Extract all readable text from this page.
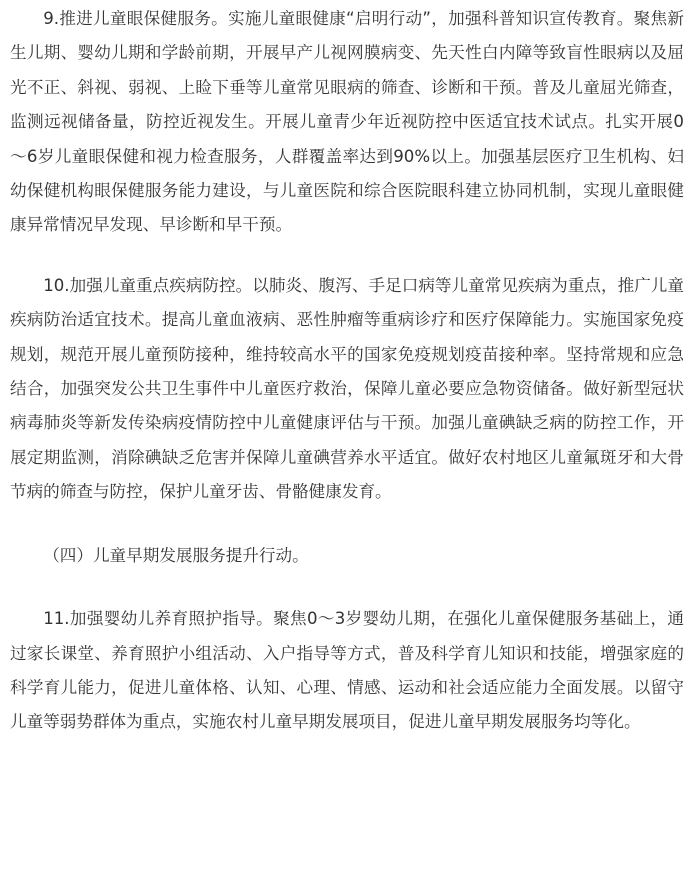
9.推进儿童眼保健服务。实施儿童眼健康“启明行动”，加强科普知识宣传教育。聚焦新生儿期、婴幼儿期和学龄前期，开展早产儿视网膜病变、先天性白内障等致盲性眼病以及屈光不正、斜视、弱视、上睑下垂等儿童常见眼病的筛查、诊断和干预。普及儿童屈光筛查，监测远视储备量，防控近视发生。开展儿童青少年近视防控中医适宜技术试点。扎实开展0～6岁儿童眼保健和视力检查服务，人群覆盖率达到90%以上。加强基层医疗卫生机构、妇幼保健机构眼保健服务能力建设，与儿童医院和综合医院眼科建立协同机制，实现儿童眼健康异常情况早发现、早诊断和早干预。

10.加强儿童重点疾病防控。以肺炎、腹泻、手足口病等儿童常见疾病为重点，推广儿童疾病防治适宜技术。提高儿童血液病、恶性肿瘤等重病诊疗和医疗保障能力。实施国家免疫规划，规范开展儿童预防接种，维持较高水平的国家免疫规划疫苗接种率。坚持常规和应急结合，加强突发公共卫生事件中儿童医疗救治，保障儿童必要应急物资储备。做好新型冠状病毒肺炎等新发传染病疫情防控中儿童健康评估与干预。加强儿童碘缺乏病的防控工作，开展定期监测，消除碘缺乏危害并保障儿童碘营养水平适宜。做好农村地区儿童氟斑牙和大骨节病的筛查与防控，保护儿童牙齿、骨骼健康发育。

（四）儿童早期发展服务提升行动。

11.加强婴幼儿养育照护指导。聚焦0～3岁婴幼儿期，在强化儿童保健服务基础上，通过家长课堂、养育照护小组活动、入户指导等方式，普及科学育儿知识和技能，增强家庭的科学育儿能力，促进儿童体格、认知、心理、情感、运动和社会适应能力全面发展。以留守儿童等弱势群体为重点，实施农村儿童早期发展项目，促进儿童早期发展服务均等化。
